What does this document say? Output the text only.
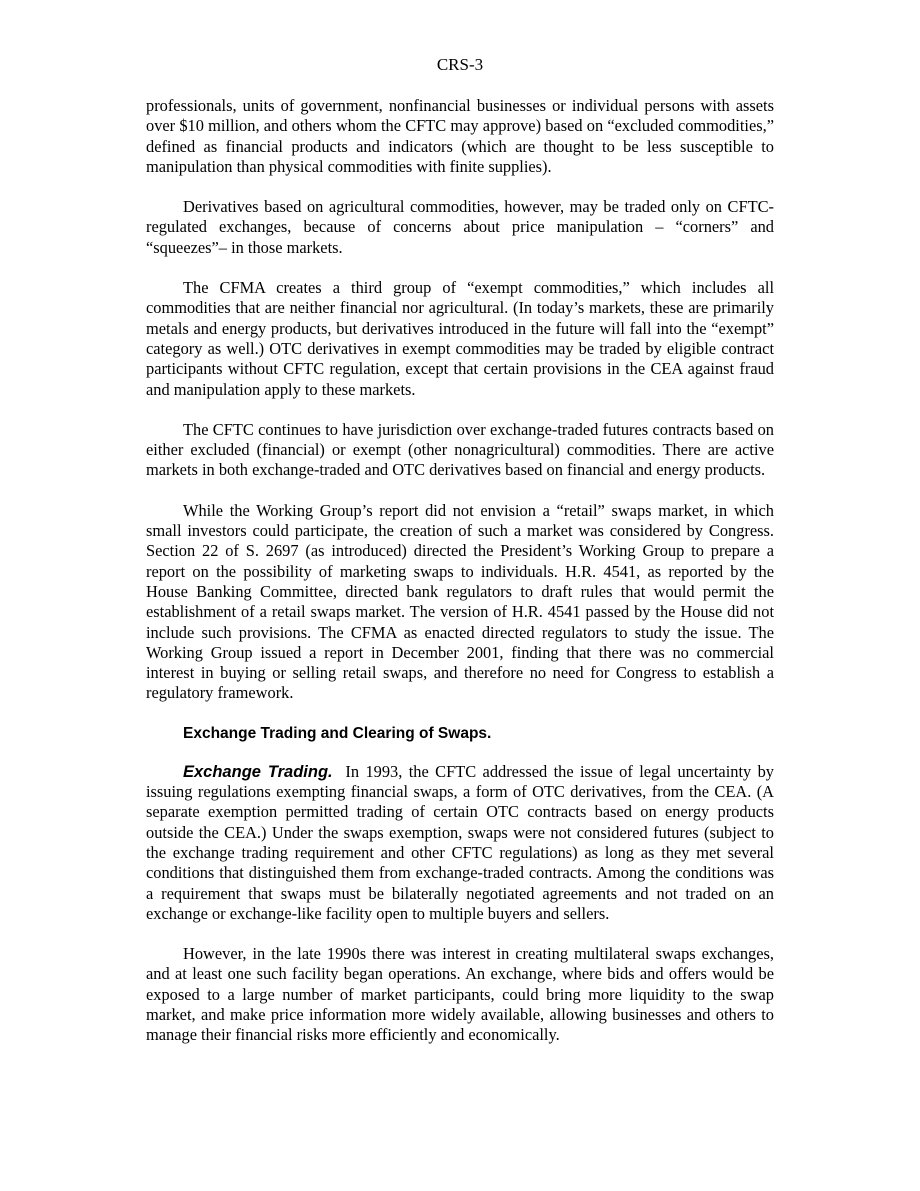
CRS-3

professionals, units of government, nonfinancial businesses or individual persons with assets over $10 million, and others whom the CFTC may approve) based on “excluded commodities,” defined as financial products and indicators (which are thought to be less susceptible to manipulation than physical commodities with finite supplies).

Derivatives based on agricultural commodities, however, may be traded only on CFTC-regulated exchanges, because of concerns about price manipulation – “corners” and “squeezes”– in those markets.

The CFMA creates a third group of “exempt commodities,” which includes all commodities that are neither financial nor agricultural. (In today’s markets, these are primarily metals and energy products, but derivatives introduced in the future will fall into the “exempt” category as well.) OTC derivatives in exempt commodities may be traded by eligible contract participants without CFTC regulation, except that certain provisions in the CEA against fraud and manipulation apply to these markets.

The CFTC continues to have jurisdiction over exchange-traded futures contracts based on either excluded (financial) or exempt (other nonagricultural) commodities. There are active markets in both exchange-traded and OTC derivatives based on financial and energy products.

While the Working Group’s report did not envision a “retail” swaps market, in which small investors could participate, the creation of such a market was considered by Congress. Section 22 of S. 2697 (as introduced) directed the President’s Working Group to prepare a report on the possibility of marketing swaps to individuals. H.R. 4541, as reported by the House Banking Committee, directed bank regulators to draft rules that would permit the establishment of a retail swaps market. The version of H.R. 4541 passed by the House did not include such provisions. The CFMA as enacted directed regulators to study the issue. The Working Group issued a report in December 2001, finding that there was no commercial interest in buying or selling retail swaps, and therefore no need for Congress to establish a regulatory framework.

Exchange Trading and Clearing of Swaps.

Exchange Trading. In 1993, the CFTC addressed the issue of legal uncertainty by issuing regulations exempting financial swaps, a form of OTC derivatives, from the CEA. (A separate exemption permitted trading of certain OTC contracts based on energy products outside the CEA.) Under the swaps exemption, swaps were not considered futures (subject to the exchange trading requirement and other CFTC regulations) as long as they met several conditions that distinguished them from exchange-traded contracts. Among the conditions was a requirement that swaps must be bilaterally negotiated agreements and not traded on an exchange or exchange-like facility open to multiple buyers and sellers.

However, in the late 1990s there was interest in creating multilateral swaps exchanges, and at least one such facility began operations. An exchange, where bids and offers would be exposed to a large number of market participants, could bring more liquidity to the swap market, and make price information more widely available, allowing businesses and others to manage their financial risks more efficiently and economically.
